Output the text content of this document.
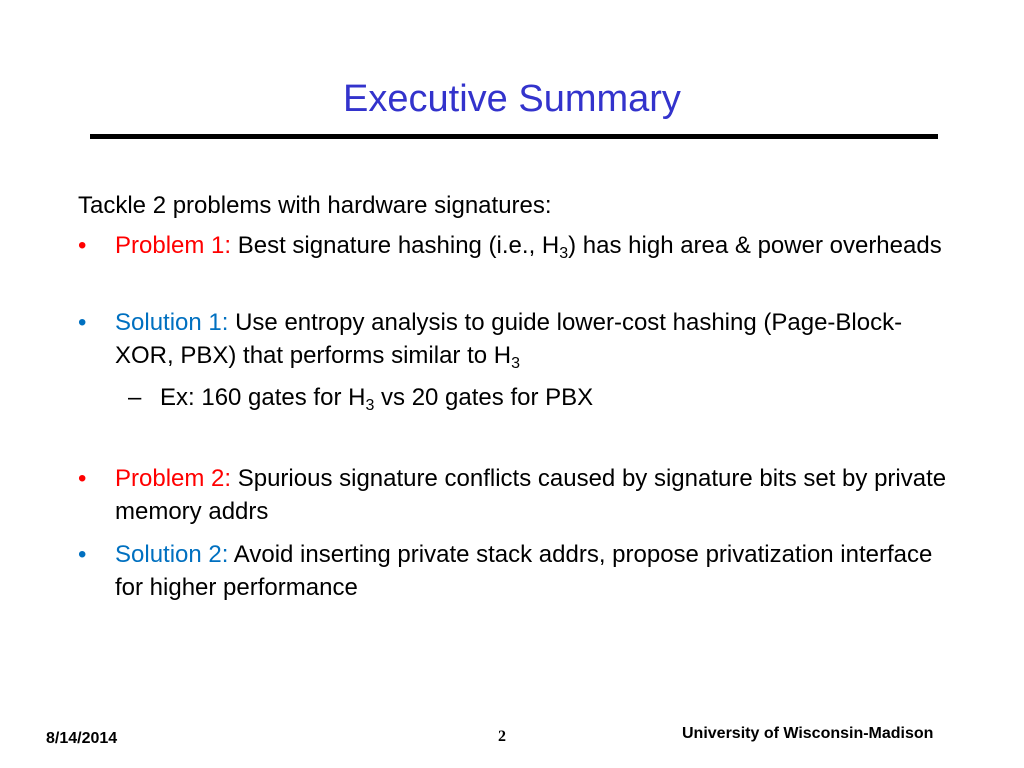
Executive Summary
Tackle 2 problems with hardware signatures:
•	Problem 1: Best signature hashing (i.e., $H_3$) has high area & power overheads
•	Solution 1: Use entropy analysis to guide lower-cost hashing (Page-Block-XOR, PBX) that performs similar to $H_3$
– Ex: 160 gates for $H_3$ vs 20 gates for PBX
•	Problem 2: Spurious signature conflicts caused by signature bits set by private memory addrs
•	Solution 2: Avoid inserting private stack addrs, propose privatization interface for higher performance
8/14/2014	2	University of Wisconsin-Madison
